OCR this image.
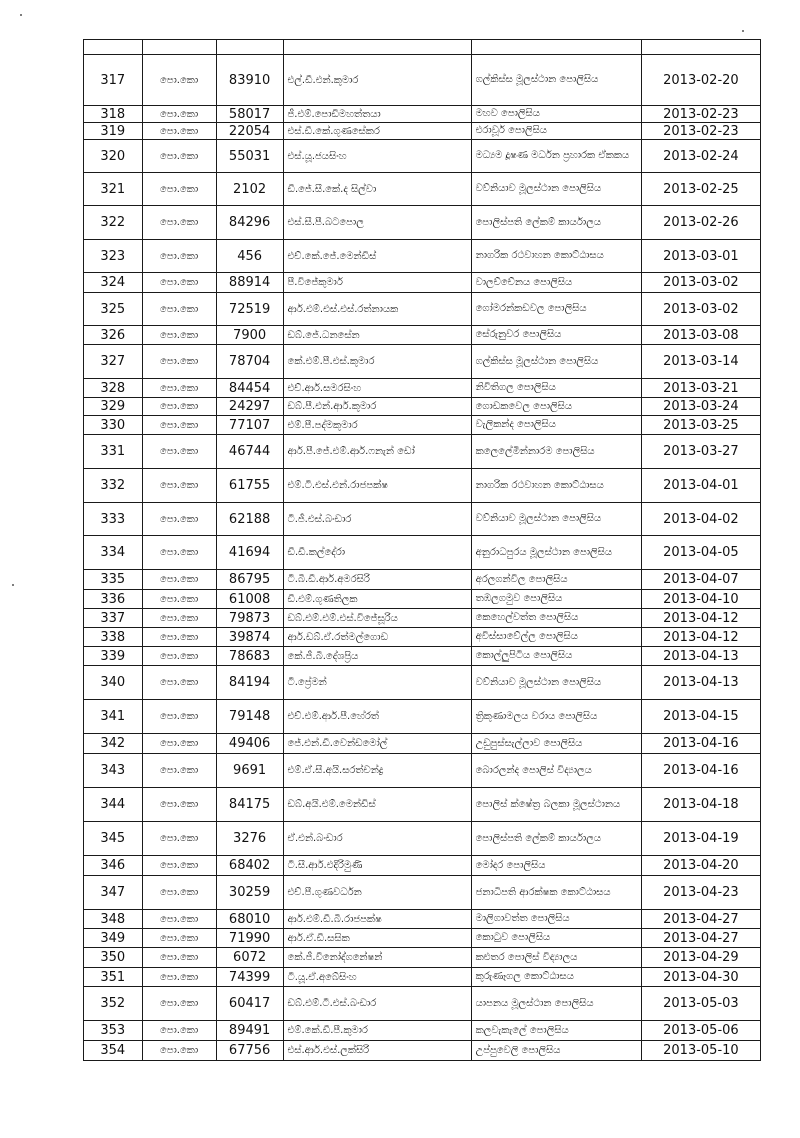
317	පො.කො	83910	එල්.ඩී.එන්.කුමාර	ගල්කිස්ස මූලස්ථාන පොලිසිය	2013-02-20
318	පො.කො	58017	ජී.එම්.පොඩිමහත්තයා	මහව පොලිසිය	2013-02-23
319	පො.කො	22054	එස්.ඩී.කේ.ගුණසේකර	එරාවූර් පොලිසිය	2013-02-23
320	පො.කො	55031	එස්.යූ.ජයසිංහ	මධ්‍යම දූෂණ මර්ධන ප්‍රහාරක ඒකකය	2013-02-24
321	පො.කො	2102	ඩී.ජේ.සී.කේ.ද සිල්වා	වව්නියාව මූලස්ථාන පොලිසිය	2013-02-25
322	පො.කො	84296	එස්.සී.පී.බටපොල	පොලිස්පති ලේකම් කාර්යාලය	2013-02-26
323	පො.කො	456	එච්.කේ.ජේ.මෙන්ඩිස්	නාගරික රථවාහන කොට්ඨාසය	2013-03-01
324	පො.කො	88914	පී.විජේකුමාර්	වාලච්චේනය පොලිසිය	2013-03-02
325	පො.කො	72519	ආර්.එම්.එස්.එස්.රත්නායක	ගෝමරන්කඩවල පොලිසිය	2013-03-02
326	පො.කො	7900	ඩබ්.ජේ.ධනසේන	සේරුනුවර පොලිසිය	2013-03-08
327	පො.කො	78704	කේ.එම්.පී.එස්.කුමාර	ගල්කිස්ස මූලස්ථාන පොලිසිය	2013-03-14
328	පො.කො	84454	එච්.ආර්.සමරසිංහ	නිවිතිගල පොලිසිය	2013-03-21
329	පො.කො	24297	ඩබ්.පී.එන්.ආර්.කුමාර	ගොඩකවෙල පොලිසිය	2013-03-24
330	පො.කො	77107	එම්.පී.පද්මකුමාර	වැලිකන්ද පොලිසිය	2013-03-25
331	පො.කො	46744	ආර්.පී.ජේ.එම්.ආර්.ෆනැන් ඩෝ	කලෙලේමින්නාරම පොලිසිය	2013-03-27
332	පො.කො	61755	එම්.ටී.එස්.එන්.රාජපක්ෂ	නාගරික රථවාහන කොට්ඨාසය	2013-04-01
333	පො.කො	62188	ටී.ජී.එස්.බංඩාර	වව්නියාව මූලස්ථාන පොලිසිය	2013-04-02
334	පො.කො	41694	ඩී.ඩී.කල්දේරා	අනුරාධපුරය මූලස්ථාන පොලිසිය	2013-04-05
335	පො.කො	86795	ටී.බී.ඩී.ආර්.අමරසිරි	අරලගන්විල පොලිසිය	2013-04-07
336	පො.කො	61008	ඩී.එම්.ගුණතිලක	තඹලගමුව පොලිසිය	2013-04-10
337	පො.කො	79873	ඩබ්.එම්.එම්.එස්.විජේසූරිය	කෙහෙල්වත්ත පොලිසිය	2013-04-12
338	පො.කො	39874	ආර්.ඩබ්.ඒ.රත්මල්ගොඩ	අවිස්සාවේල්ල පොලිසිය	2013-04-12
339	පො.කො	78683	කේ.ජී.බී.දේශප්‍රිය	කොල්ලුපිටිය පොලිසිය	2013-04-13
340	පො.කො	84194	ටී.ප්‍රේමන්	වව්නියාව මූලස්ථාන පොලිසිය	2013-04-13
341	පො.කො	79148	එච්.එම්.ආර්.පී.හේරත්	ත්‍රිකුණාමලය වරාය පොලිසිය	2013-04-15
342	පො.කො	49406	ජේ.එන්.ඩී.වෙන්ඩමෝල්	උඩුපුස්සැල්ලාව පොලිසිය	2013-04-16
343	පො.කො	9691	එම්.ඒ.සී.අයි.සරත්චන්ද්‍ර	බොරලන්ද පොලිස් විද්‍යාලය	2013-04-16
344	පො.කො	84175	ඩබ්.අයි.එම්.මෙන්ඩිස්	පොලිස් ක්ෂේත්‍ර බලකා මූලස්ථානය	2013-04-18
345	පො.කො	3276	ඒ.එන්.බංඩාර	පොලිස්පති ලේකම් කාර්යාලය	2013-04-19
346	පො.කො	68402	ටී.සී.ආර්.එදිරිමුණි	මෝදර පොලිසිය	2013-04-20
347	පො.කො	30259	එච්.පී.ගුණවර්ධන	ජනාධිපති ආරක්ෂක කොට්ඨාසය	2013-04-23
348	පො.කො	68010	ආර්.එම්.ඩී.බී.රාජපක්ෂ	මාලිගාවත්ත පොලිසිය	2013-04-27
349	පො.කො	71990	ආර්.ඒ.ඩී.සසික	කොටුව පොලිසිය	2013-04-27
350	පො.කො	6072	කේ.ජී.වීනෝද්ගනේෂන්	කළුතර පොලිස් විද්‍යාලය	2013-04-29
351	පො.කො	74399	ටී.යූ.ඒ.අබේසිංහ	කුරුණෑගල කොට්ඨාසය	2013-04-30
352	පො.කො	60417	ඩබ්.එම්.ටී.එස්.බංඩාර	යාපනය මූලස්ථාන පොලිසිය	2013-05-03
353	පො.කො	89491	එම්.කේ.ඩී.පී.කුමාර	කලවැකැලේ පොලිසිය	2013-05-06
354	පො.කො	67756	එස්.ආර්.එස්.ලක්සිරි	උප්පුවෙලි පොලිසිය	2013-05-10
